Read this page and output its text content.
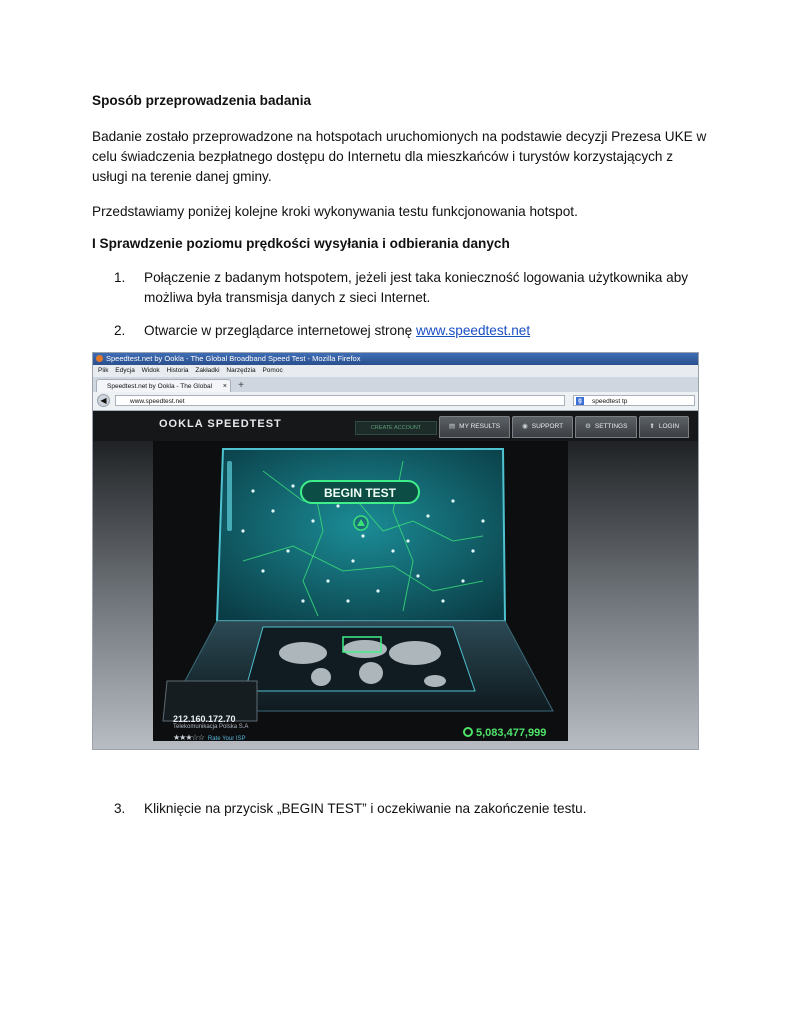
Sposób przeprowadzenia badania
Badanie zostało przeprowadzone na hotspotach uruchomionych na podstawie decyzji Prezesa UKE w celu świadczenia bezpłatnego dostępu do Internetu dla mieszkańców i turystów korzystających z usługi na terenie danej gminy.
Przedstawiamy poniżej kolejne kroki wykonywania testu funkcjonowania hotspot.
I Sprawdzenie poziomu prędkości wysyłania i odbierania danych
1. Połączenie z badanym hotspotem, jeżeli jest taka konieczność logowania użytkownika aby możliwa była transmisja danych z sieci Internet.
2. Otwarcie w przeglądarce internetowej stronę www.speedtest.net
Speedtest.net by Ookla - The Global Broadband Speed Test - Mozilla Firefox
Plik Edycja Widok Historia Zakładki Narzędzia Pomoc
Speedtest.net by Ookla - The Global ×	+
◀	www.speedtest.net	g	speedtest tp
OOKLA SPEEDTEST	CREATE ACCOUNT	▤ MY RESULTS	◉ SUPPORT	⚙ SETTINGS	⬆ LOGIN
BEGIN TEST
212.160.172.70
Telekomunikacja Polska S.A
★★★☆☆ Rate Your ISP	5,083,477,999
3. Kliknięcie na przycisk „BEGIN TEST” i oczekiwanie na zakończenie testu.
